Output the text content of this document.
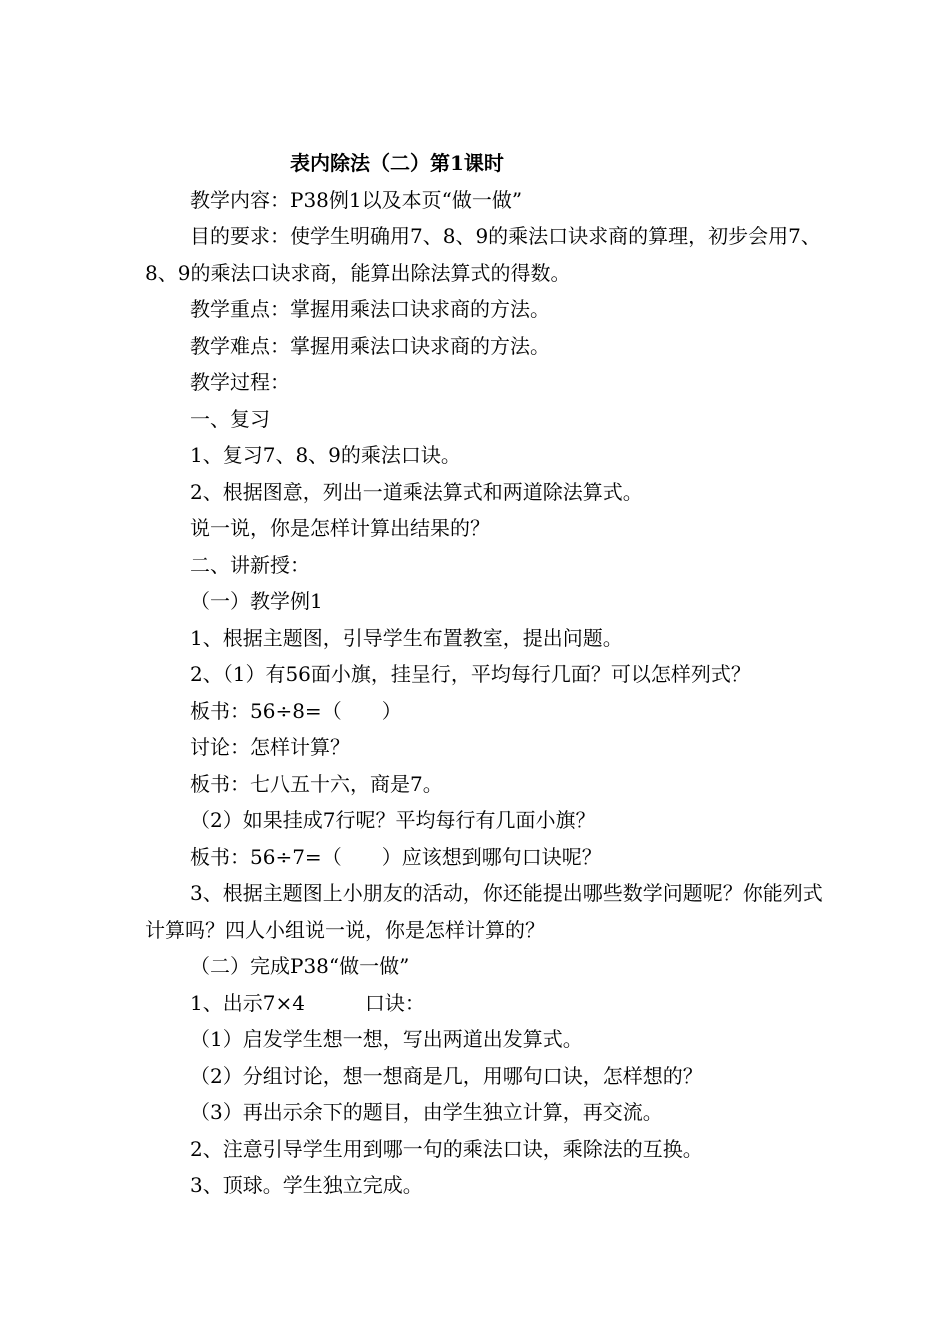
表内除法（二）第1课时

教学内容：P38例1以及本页“做一做”

目的要求：使学生明确用7、8、9的乘法口诀求商的算理，初步会用7、8、9的乘法口诀求商，能算出除法算式的得数。

教学重点：掌握用乘法口诀求商的方法。

教学难点：掌握用乘法口诀求商的方法。

教学过程：

一、复习

1、复习7、8、9的乘法口诀。

2、根据图意，列出一道乘法算式和两道除法算式。

说一说，你是怎样计算出结果的？

二、讲新授：

（一）教学例1

1、根据主题图，引导学生布置教室，提出问题。

2、（1）有56面小旗，挂呈行，平均每行几面？可以怎样列式？

板书：56÷8=（　　）

讨论：怎样计算？

板书：七八五十六，商是7。

（2）如果挂成7行呢？平均每行有几面小旗？

板书：56÷7=（　　）应该想到哪句口诀呢？

3、根据主题图上小朋友的活动，你还能提出哪些数学问题呢？你能列式计算吗？四人小组说一说，你是怎样计算的？

（二）完成P38“做一做”

1、出示7×4　　　口诀：

（1）启发学生想一想，写出两道出发算式。

（2）分组讨论，想一想商是几，用哪句口诀，怎样想的？

（3）再出示余下的题目，由学生独立计算，再交流。

2、注意引导学生用到哪一句的乘法口诀，乘除法的互换。

3、顶球。学生独立完成。
